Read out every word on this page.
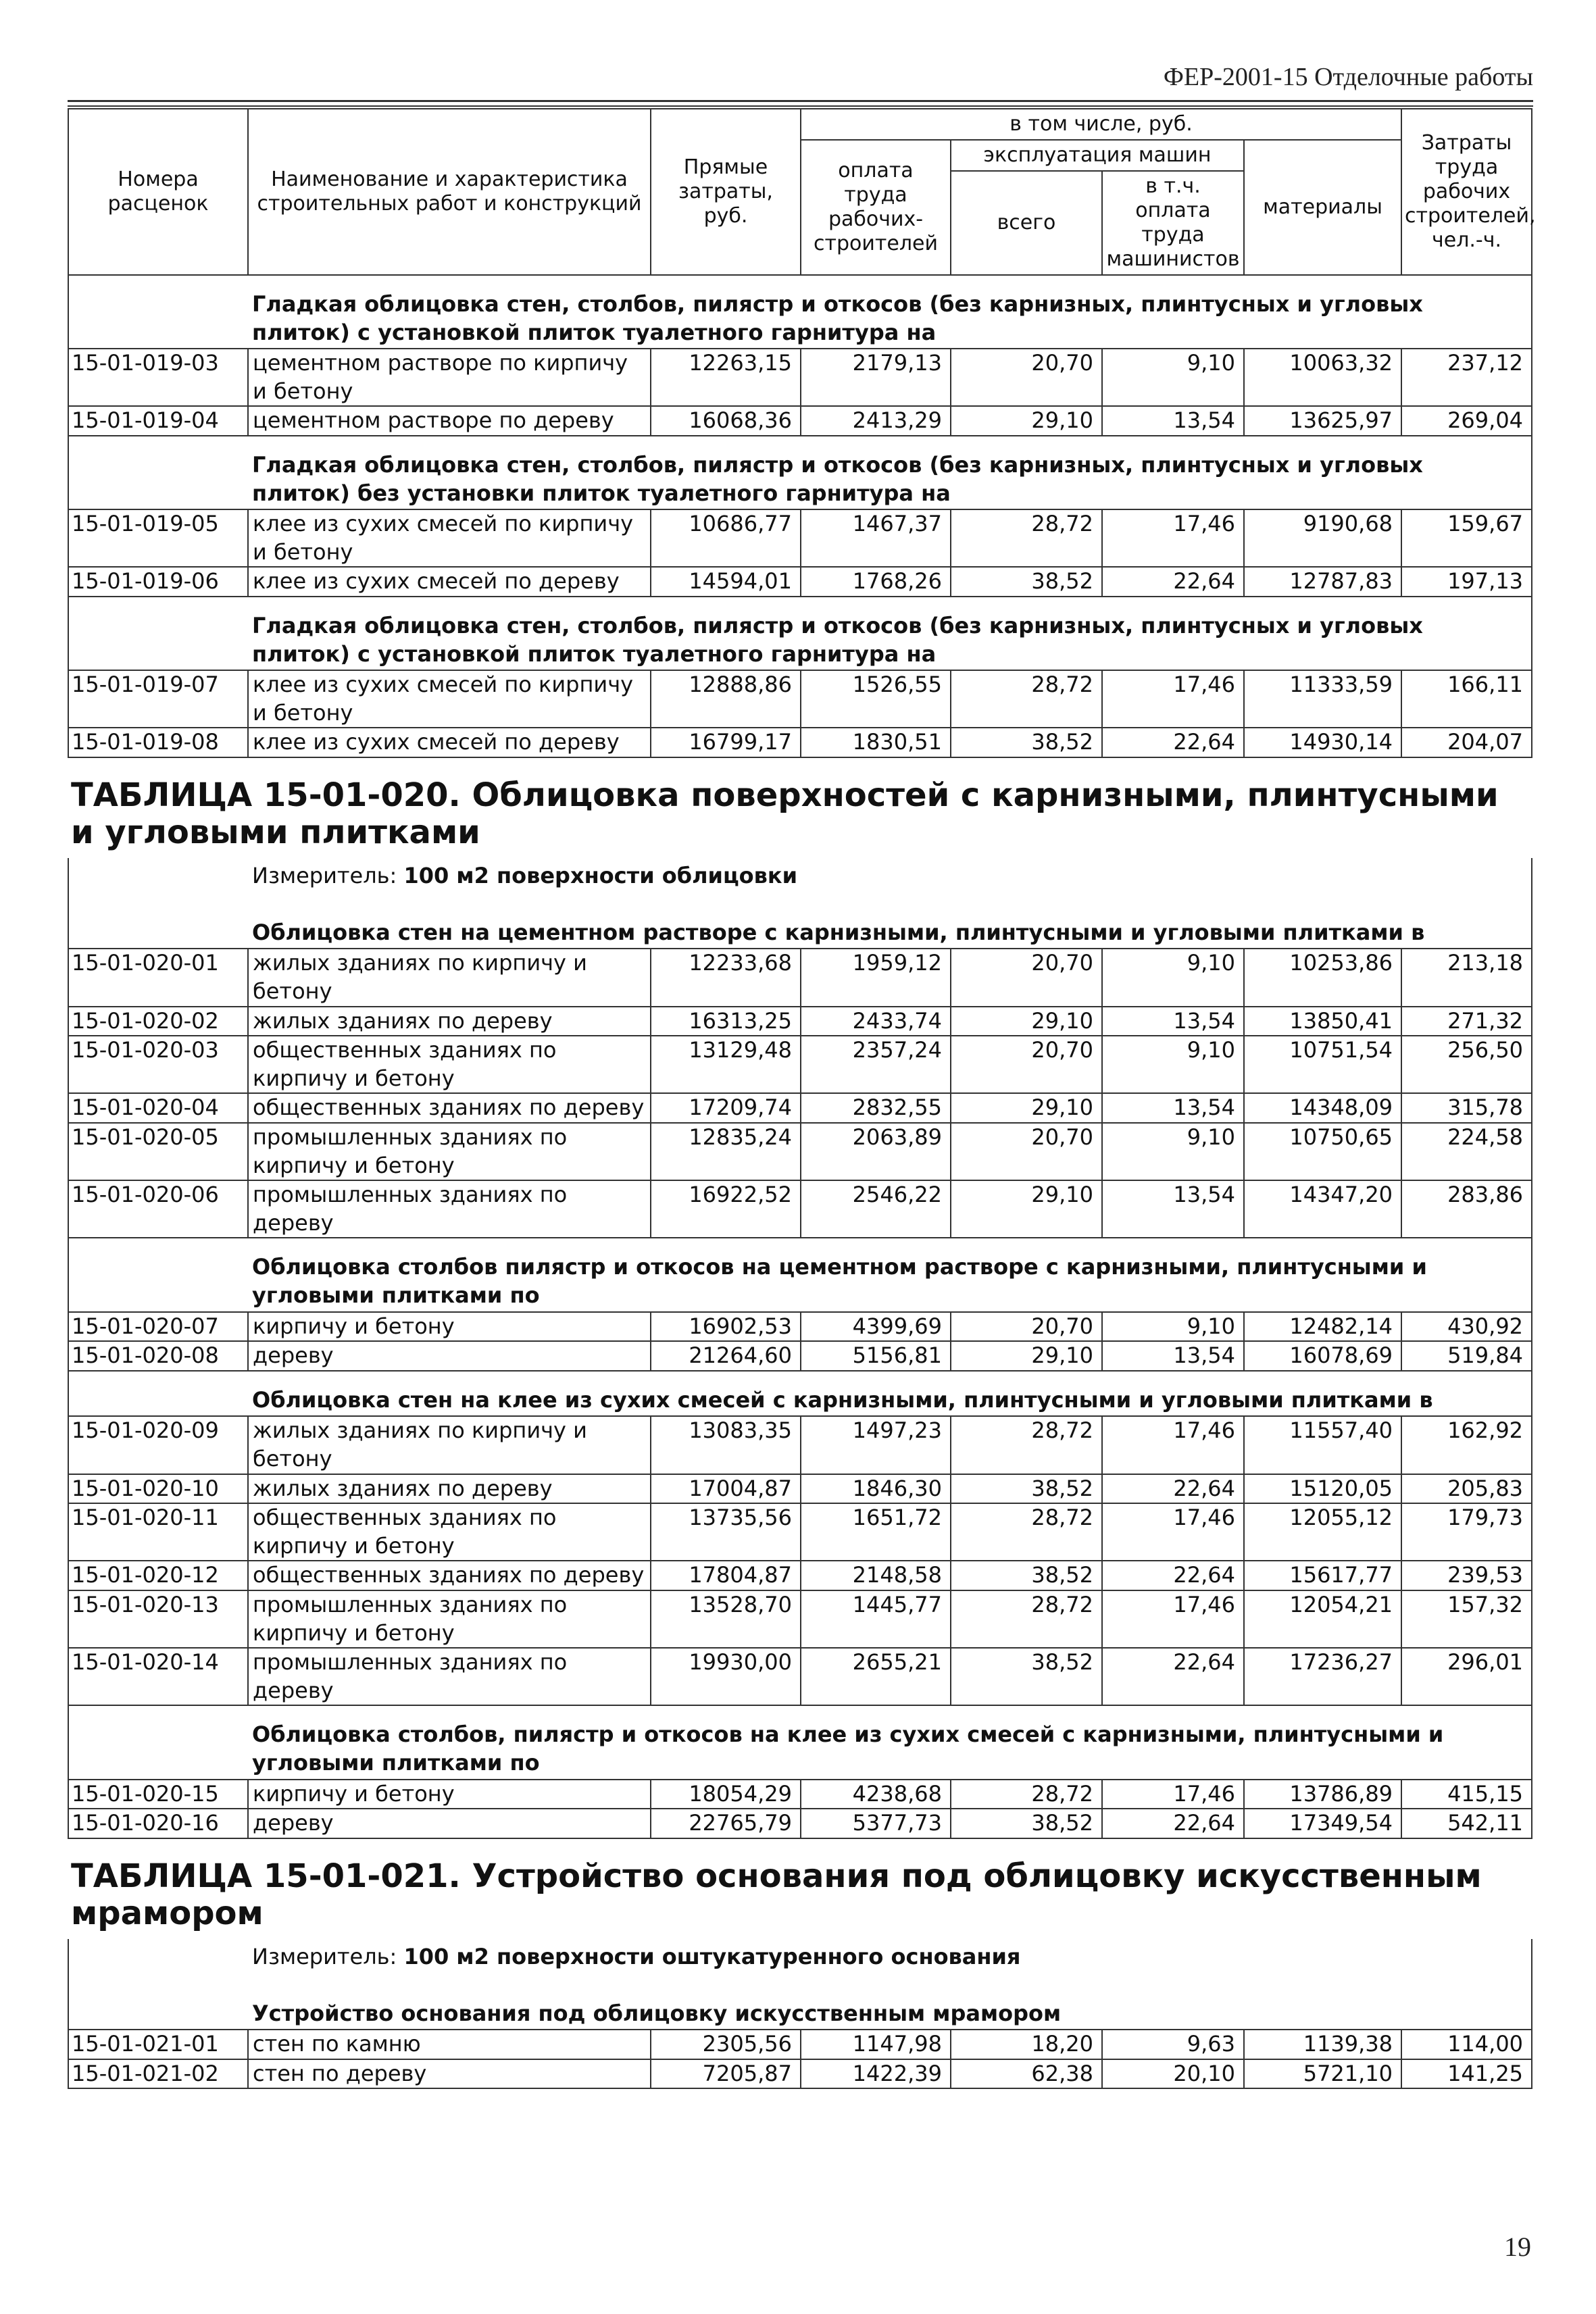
ФЕР-2001-15 Отделочные работы
Номера расценок	Наименование и характеристика строительных работ и конструкций	Прямые затраты, руб.	в том числе, руб.				Затраты труда рабочих строителей, чел.-ч.
			оплата труда рабочих-строителей	эксплуатация машин		материалы	
				всего	в т.ч. оплата труда машинистов		
	Гладкая облицовка стен, столбов, пилястр и откосов (без карнизных, плинтусных и угловых плиток) с установкой плиток туалетного гарнитура на						
15-01-019-03	цементном растворе по кирпичу и бетону	12263,15	2179,13	20,70	9,10	10063,32	237,12
15-01-019-04	цементном растворе по дереву	16068,36	2413,29	29,10	13,54	13625,97	269,04
	Гладкая облицовка стен, столбов, пилястр и откосов (без карнизных, плинтусных и угловых плиток) без установки плиток туалетного гарнитура на						
15-01-019-05	клее из сухих смесей по кирпичу и бетону	10686,77	1467,37	28,72	17,46	9190,68	159,67
15-01-019-06	клее из сухих смесей по дереву	14594,01	1768,26	38,52	22,64	12787,83	197,13
	Гладкая облицовка стен, столбов, пилястр и откосов (без карнизных, плинтусных и угловых плиток) с установкой плиток туалетного гарнитура на						
15-01-019-07	клее из сухих смесей по кирпичу и бетону	12888,86	1526,55	28,72	17,46	11333,59	166,11
15-01-019-08	клее из сухих смесей по дереву	16799,17	1830,51	38,52	22,64	14930,14	204,07
ТАБЛИЦА 15-01-020. Облицовка поверхностей с карнизными, плинтусными и угловыми плитками							
	Измеритель: 100 м2 поверхности облицовки						
	Облицовка стен на цементном растворе с карнизными, плинтусными и угловыми плитками в						
15-01-020-01	жилых зданиях по кирпичу и бетону	12233,68	1959,12	20,70	9,10	10253,86	213,18
15-01-020-02	жилых зданиях по дереву	16313,25	2433,74	29,10	13,54	13850,41	271,32
15-01-020-03	общественных зданиях по кирпичу и бетону	13129,48	2357,24	20,70	9,10	10751,54	256,50
15-01-020-04	общественных зданиях по дереву	17209,74	2832,55	29,10	13,54	14348,09	315,78
15-01-020-05	промышленных зданиях по кирпичу и бетону	12835,24	2063,89	20,70	9,10	10750,65	224,58
15-01-020-06	промышленных зданиях по дереву	16922,52	2546,22	29,10	13,54	14347,20	283,86
	Облицовка столбов пилястр и откосов на цементном растворе с карнизными, плинтусными и угловыми плитками по						
15-01-020-07	кирпичу и бетону	16902,53	4399,69	20,70	9,10	12482,14	430,92
15-01-020-08	дереву	21264,60	5156,81	29,10	13,54	16078,69	519,84
	Облицовка стен на клее из сухих смесей с карнизными, плинтусными и угловыми плитками в						
15-01-020-09	жилых зданиях по кирпичу и бетону	13083,35	1497,23	28,72	17,46	11557,40	162,92
15-01-020-10	жилых зданиях по дереву	17004,87	1846,30	38,52	22,64	15120,05	205,83
15-01-020-11	общественных зданиях по кирпичу и бетону	13735,56	1651,72	28,72	17,46	12055,12	179,73
15-01-020-12	общественных зданиях по дереву	17804,87	2148,58	38,52	22,64	15617,77	239,53
15-01-020-13	промышленных зданиях по кирпичу и бетону	13528,70	1445,77	28,72	17,46	12054,21	157,32
15-01-020-14	промышленных зданиях по дереву	19930,00	2655,21	38,52	22,64	17236,27	296,01
	Облицовка столбов, пилястр и откосов на клее из сухих смесей с карнизными, плинтусными и угловыми плитками по						
15-01-020-15	кирпичу и бетону	18054,29	4238,68	28,72	17,46	13786,89	415,15
15-01-020-16	дереву	22765,79	5377,73	38,52	22,64	17349,54	542,11
ТАБЛИЦА 15-01-021. Устройство основания под облицовку искусственным мрамором							
	Измеритель: 100 м2 поверхности оштукатуренного основания						
	Устройство основания под облицовку искусственным мрамором						
15-01-021-01	стен по камню	2305,56	1147,98	18,20	9,63	1139,38	114,00
15-01-021-02	стен по дереву	7205,87	1422,39	62,38	20,10	5721,10	141,25
19
